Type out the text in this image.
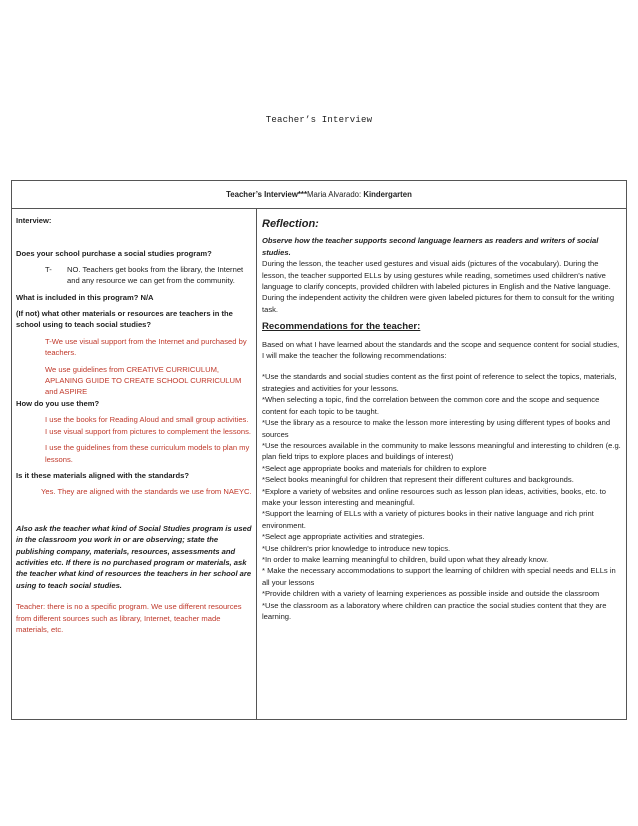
Teacher’s Interview
Teacher’s Interview***Maria Alvarado: Kindergarten

Interview:

Does your school purchase a social studies program?

T-	NO. Teachers get books from the library, the Internet and any resource we can get from the community.

What is included in this program? N/A

(If not) what other materials or resources are teachers in the school using to teach social studies?

T-We use visual support from the Internet and purchased by teachers.

We use guidelines from CREATIVE CURRICULUM, APLANING GUIDE TO CREATE SCHOOL CURRICULUM and ASPIRE

How do you use them?

I use the books for Reading Aloud and small group activities. I use visual support from pictures to complement the lessons.

I use the guidelines from these curriculum models to plan my lessons.

Is it these materials aligned with the standards?

Yes. They are aligned with the standards we use from NAEYC.

Also ask the teacher what kind of Social Studies program is used in the classroom you work in or are observing; state the publishing company, materials, resources, assessments and activities etc. If there is no purchased program or materials, ask the teacher what kind of resources the teachers in her school are using to teach social studies.

Teacher: there is no a specific program. We use different resources from different sources such as library, Internet, teacher made materials, etc.

Reflection:

Observe how the teacher supports second language learners as readers and writers of social studies.

During the lesson, the teacher used gestures and visual aids (pictures of the vocabulary). During the lesson, the teacher supported ELLs by using gestures while reading, sometimes used children’s native language to clarify concepts, provided children with labeled pictures in English and the Native language. During the independent activity the children were given labeled pictures for them to consult for the writing task.

Recommendations for the teacher:

Based on what I have learned about the standards and the scope and sequence content for social studies, I will make the teacher the following recommendations:

*Use the standards and social studies content as the first point of reference to select the topics, materials, strategies and activities for your lessons.

*When selecting a topic, find the correlation between the common core and the scope and sequence content for each topic to be taught.

*Use the library as a resource to make the lesson more interesting by using different types of books and sources

*Use the resources available in the community to make lessons meaningful and interesting to children (e.g. plan field trips to explore places and buildings of interest)

*Select age appropriate books and materials for children to explore

*Select books meaningful for children that represent their different cultures and backgrounds.

*Explore a variety of websites and online resources such as lesson plan ideas, activities, books, etc. to make your lesson interesting and meaningful.

*Support the learning of ELLs with a variety of pictures books in their native language and rich print environment.

*Select age appropriate activities and strategies.

*Use children’s prior knowledge to introduce new topics.

*In order to make learning meaningful to children, build upon what they already know.

* Make the necessary accommodations to support the learning of children with special needs and ELLs in all your lessons

*Provide children with a variety of learning experiences as possible inside and outside the classroom

*Use the classroom as a laboratory where children can practice the social studies content that they are learning.
